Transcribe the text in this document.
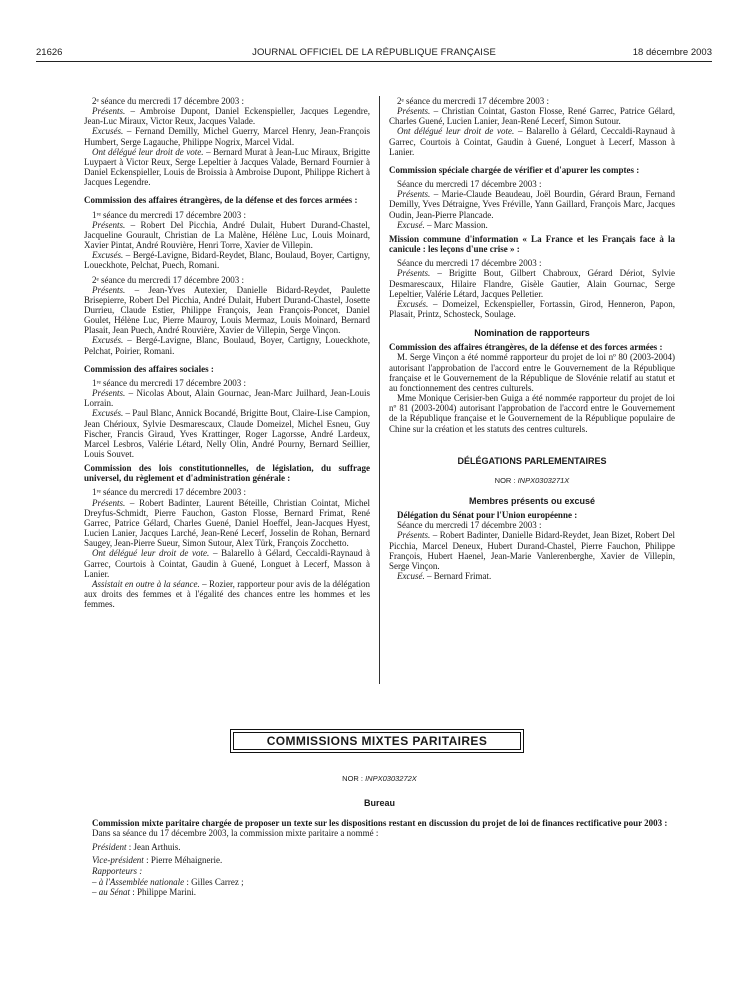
21626	JOURNAL OFFICIEL DE LA RÉPUBLIQUE FRANÇAISE	18 décembre 2003

2ᵉ séance du mercredi 17 décembre 2003 :

Présents. – Ambroise Dupont, Daniel Eckenspieller, Jacques Legendre, Jean-Luc Miraux, Victor Reux, Jacques Valade.

Excusés. – Fernand Demilly, Michel Guerry, Marcel Henry, Jean-François Humbert, Serge Lagauche, Philippe Nogrix, Marcel Vidal.

Ont délégué leur droit de vote. – Bernard Murat à Jean-Luc Miraux, Brigitte Luypaert à Victor Reux, Serge Lepeltier à Jacques Valade, Bernard Fournier à Daniel Eckenspieller, Louis de Broissia à Ambroise Dupont, Philippe Richert à Jacques Legendre.

Commission des affaires étrangères, de la défense et des forces armées :

1ʳᵉ séance du mercredi 17 décembre 2003 :

Présents. – Robert Del Picchia, André Dulait, Hubert Durand-Chastel, Jacqueline Gourault, Christian de La Malène, Hélène Luc, Louis Moinard, Xavier Pintat, André Rouvière, Henri Torre, Xavier de Villepin.

Excusés. – Bergé-Lavigne, Bidard-Reydet, Blanc, Boulaud, Boyer, Cartigny, Loueckhote, Pelchat, Puech, Romani.

2ᵉ séance du mercredi 17 décembre 2003 :

Présents. – Jean-Yves Autexier, Danielle Bidard-Reydet, Paulette Brisepierre, Robert Del Picchia, André Dulait, Hubert Durand-Chastel, Josette Durrieu, Claude Estier, Philippe François, Jean François-Poncet, Daniel Goulet, Hélène Luc, Pierre Mauroy, Louis Mermaz, Louis Moinard, Bernard Plasait, Jean Puech, André Rouvière, Xavier de Villepin, Serge Vinçon.

Excusés. – Bergé-Lavigne, Blanc, Boulaud, Boyer, Cartigny, Loueckhote, Pelchat, Poirier, Romani.

Commission des affaires sociales :

1ʳᵉ séance du mercredi 17 décembre 2003 :

Présents. – Nicolas About, Alain Gournac, Jean-Marc Juilhard, Jean-Louis Lorrain.

Excusés. – Paul Blanc, Annick Bocandé, Brigitte Bout, Claire-Lise Campion, Jean Chérioux, Sylvie Desmarescaux, Claude Domeizel, Michel Esneu, Guy Fischer, Francis Giraud, Yves Krattinger, Roger Lagorsse, André Lardeux, Marcel Lesbros, Valérie Létard, Nelly Olin, André Pourny, Bernard Seillier, Louis Souvet.

Commission des lois constitutionnelles, de législation, du suffrage universel, du règlement et d'administration générale :

1ʳᵉ séance du mercredi 17 décembre 2003 :

Présents. – Robert Badinter, Laurent Béteille, Christian Cointat, Michel Dreyfus-Schmidt, Pierre Fauchon, Gaston Flosse, Bernard Frimat, René Garrec, Patrice Gélard, Charles Guené, Daniel Hoeffel, Jean-Jacques Hyest, Lucien Lanier, Jacques Larché, Jean-René Lecerf, Josselin de Rohan, Bernard Saugey, Jean-Pierre Sueur, Simon Sutour, Alex Türk, François Zocchetto.

Ont délégué leur droit de vote. – Balarello à Gélard, Ceccaldi-Raynaud à Garrec, Courtois à Cointat, Gaudin à Guené, Longuet à Lecerf, Masson à Lanier.

Assistait en outre à la séance. – Rozier, rapporteur pour avis de la délégation aux droits des femmes et à l'égalité des chances entre les hommes et les femmes.

2ᵉ séance du mercredi 17 décembre 2003 :

Présents. – Christian Cointat, Gaston Flosse, René Garrec, Patrice Gélard, Charles Guené, Lucien Lanier, Jean-René Lecerf, Simon Sutour.

Ont délégué leur droit de vote. – Balarello à Gélard, Ceccaldi-Raynaud à Garrec, Courtois à Cointat, Gaudin à Guené, Longuet à Lecerf, Masson à Lanier.

Commission spéciale chargée de vérifier et d'apurer les comptes :

Séance du mercredi 17 décembre 2003 :

Présents. – Marie-Claude Beaudeau, Joël Bourdin, Gérard Braun, Fernand Demilly, Yves Détraigne, Yves Fréville, Yann Gaillard, François Marc, Jacques Oudin, Jean-Pierre Plancade.

Excusé. – Marc Massion.

Mission commune d'information « La France et les Français face à la canicule : les leçons d'une crise » :

Séance du mercredi 17 décembre 2003 :

Présents. – Brigitte Bout, Gilbert Chabroux, Gérard Dériot, Sylvie Desmarescaux, Hilaire Flandre, Gisèle Gautier, Alain Gournac, Serge Lepeltier, Valérie Létard, Jacques Pelletier.

Excusés. – Domeizel, Eckenspieller, Fortassin, Girod, Henneron, Papon, Plasait, Printz, Schosteck, Soulage.

Nomination de rapporteurs

Commission des affaires étrangères, de la défense et des forces armées :

M. Serge Vinçon a été nommé rapporteur du projet de loi nº 80 (2003-2004) autorisant l'approbation de l'accord entre le Gouvernement de la République française et le Gouvernement de la République de Slovénie relatif au statut et au fonctionnement des centres culturels.

Mme Monique Cerisier-ben Guiga a été nommée rapporteur du projet de loi nº 81 (2003-2004) autorisant l'approbation de l'accord entre le Gouvernement de la République française et le Gouvernement de la République populaire de Chine sur la création et les statuts des centres culturels.

DÉLÉGATIONS PARLEMENTAIRES

NOR : INPX0303271X

Membres présents ou excusé

Délégation du Sénat pour l'Union européenne :

Séance du mercredi 17 décembre 2003 :

Présents. – Robert Badinter, Danielle Bidard-Reydet, Jean Bizet, Robert Del Picchia, Marcel Deneux, Hubert Durand-Chastel, Pierre Fauchon, Philippe François, Hubert Haenel, Jean-Marie Vanlerenberghe, Xavier de Villepin, Serge Vinçon.

Excusé. – Bernard Frimat.

COMMISSIONS MIXTES PARITAIRES

NOR : INPX0303272X

Bureau

Commission mixte paritaire chargée de proposer un texte sur les dispositions restant en discussion du projet de loi de finances rectificative pour 2003 :

Dans sa séance du 17 décembre 2003, la commission mixte paritaire a nommé :

Président : Jean Arthuis.

Vice-président : Pierre Méhaignerie.

Rapporteurs :

– à l'Assemblée nationale : Gilles Carrez ;

– au Sénat : Philippe Marini.
